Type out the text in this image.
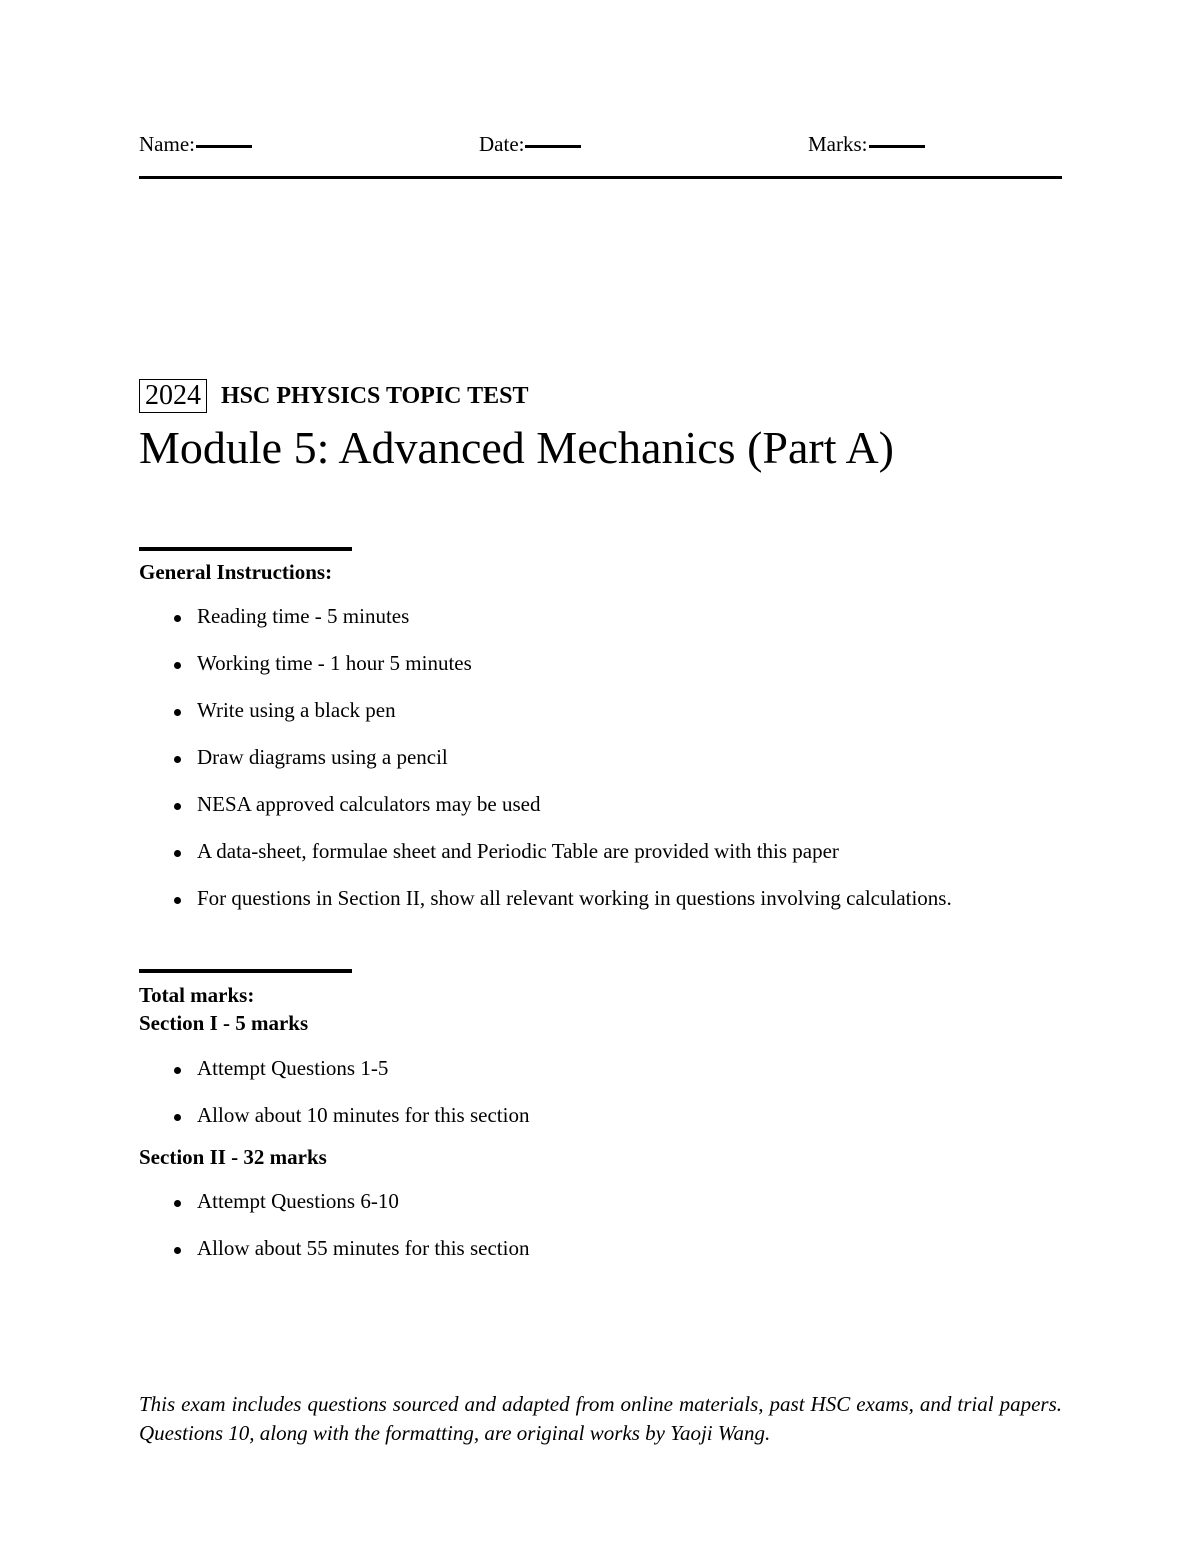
Name:	Date:	Marks:
2024 HSC PHYSICS TOPIC TEST
Module 5: Advanced Mechanics (Part A)
General Instructions:
Reading time - 5 minutes
Working time - 1 hour 5 minutes
Write using a black pen
Draw diagrams using a pencil
NESA approved calculators may be used
A data-sheet, formulae sheet and Periodic Table are provided with this paper
For questions in Section II, show all relevant working in questions involving calculations.
Total marks:
Section I - 5 marks
Attempt Questions 1-5
Allow about 10 minutes for this section
Section II - 32 marks
Attempt Questions 6-10
Allow about 55 minutes for this section
This exam includes questions sourced and adapted from online materials, past HSC exams, and trial papers. Questions 10, along with the formatting, are original works by Yaoji Wang.
